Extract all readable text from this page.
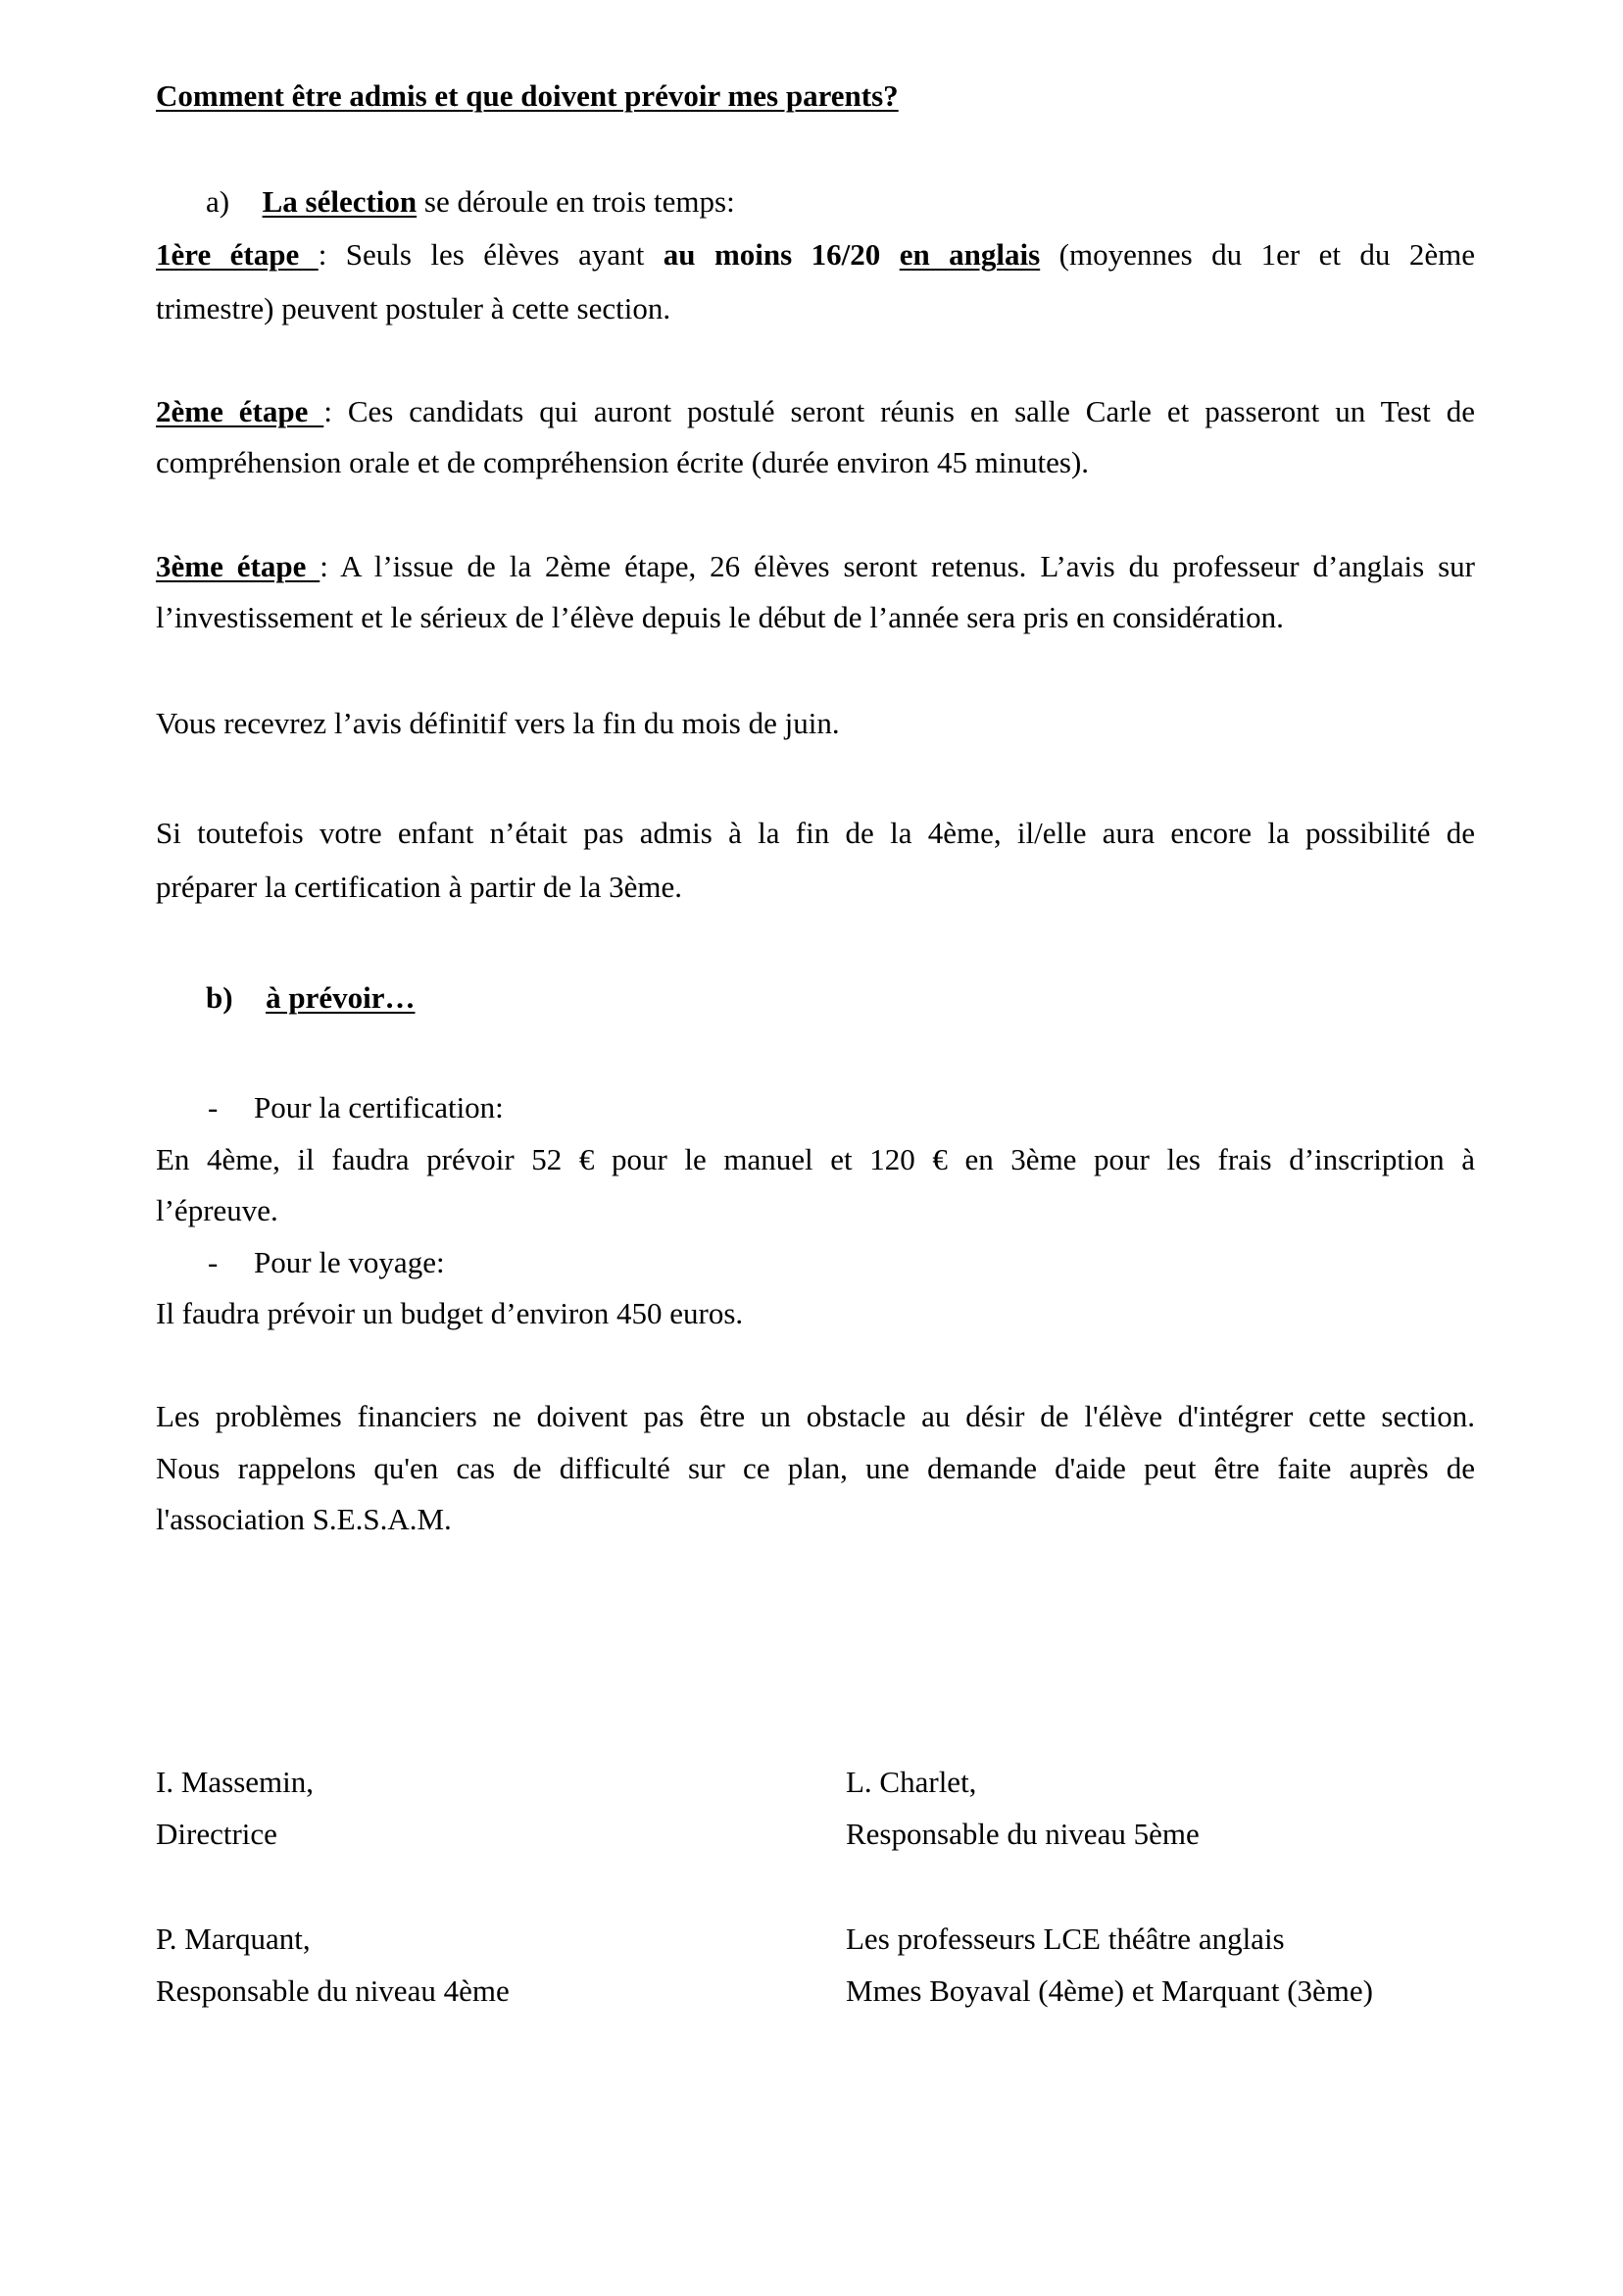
Comment être admis et que doivent prévoir mes parents?
a) La sélection se déroule en trois temps:
1ère étape : Seuls les élèves ayant au moins 16/20 en anglais (moyennes du 1er et du 2ème
trimestre) peuvent postuler à cette section.
2ème étape : Ces candidats qui auront postulé seront réunis en salle Carle et passeront un Test de
compréhension orale et de compréhension écrite (durée environ 45 minutes).
3ème étape : A l’issue de la 2ème étape, 26 élèves seront retenus. L’avis du professeur d’anglais sur
l’investissement et le sérieux de l’élève depuis le début de l’année sera pris en considération.
Vous recevrez l’avis définitif vers la fin du mois de juin.
Si toutefois votre enfant n’était pas admis à la fin de la 4ème, il/elle aura encore la possibilité de
préparer la certification à partir de la 3ème.
b) à prévoir…
- Pour la certification:
En 4ème, il faudra prévoir 52 € pour le manuel et 120 € en 3ème pour les frais d’inscription à
l’épreuve.
- Pour le voyage:
Il faudra prévoir un budget d’environ 450 euros.
Les problèmes financiers ne doivent pas être un obstacle au désir de l'élève d'intégrer cette section.
Nous rappelons qu'en cas de difficulté sur ce plan, une demande d'aide peut être faite auprès de
l'association S.E.S.A.M.
I. Massemin,
Directrice
L. Charlet,
Responsable du niveau 5ème
P. Marquant,
Responsable du niveau 4ème
Les professeurs LCE théâtre anglais
Mmes Boyaval (4ème) et Marquant (3ème)
